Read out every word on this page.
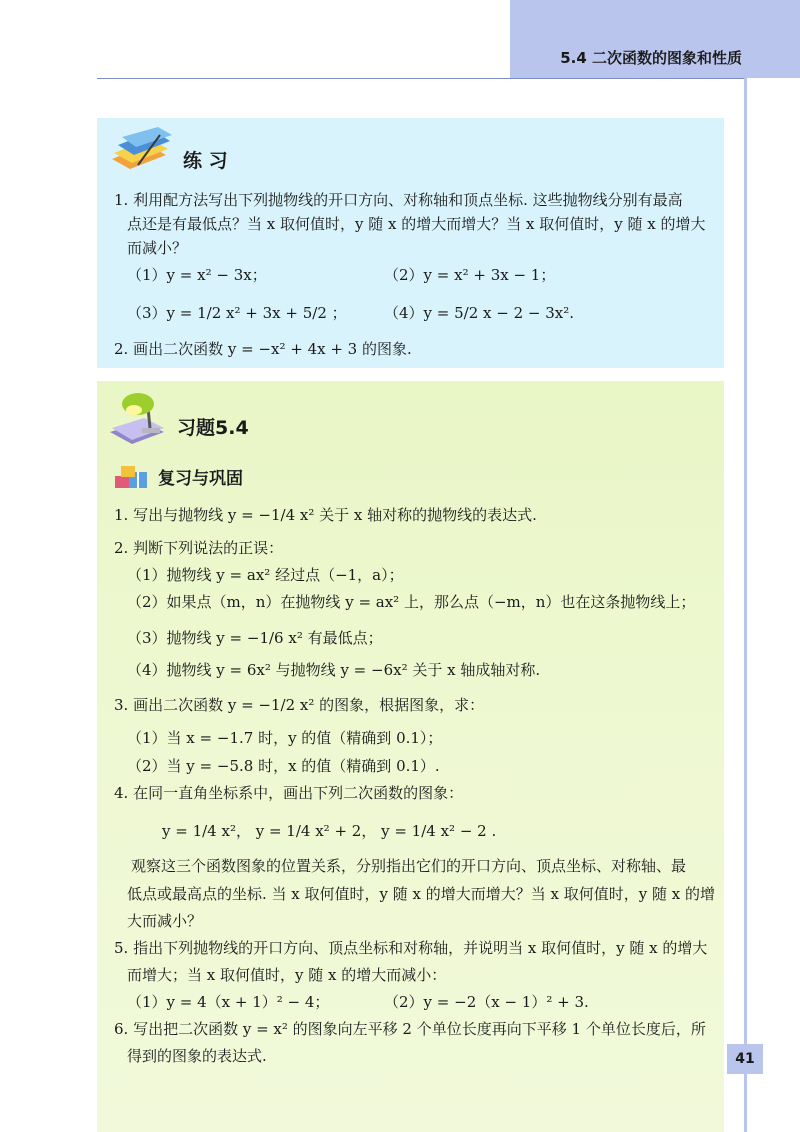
5.4 二次函数的图象和性质
练 习
1. 利用配方法写出下列抛物线的开口方向、对称轴和顶点坐标. 这些抛物线分别有最高
点还是有最低点？当 x 取何值时，y 随 x 的增大而增大？当 x 取何值时，y 随 x 的增大
而减小？
（1）y = x² − 3x；	（2）y = x² + 3x − 1；
（3）y = 1/2 x² + 3x + 5/2 ； （4）y = 5/2 x − 2 − 3x².
2. 画出二次函数 y = −x² + 4x + 3 的图象.
习题5.4
复习与巩固
1. 写出与抛物线 y = −1/4 x² 关于 x 轴对称的抛物线的表达式.
2. 判断下列说法的正误：
（1）抛物线 y = ax² 经过点（−1，a）；
（2）如果点（m，n）在抛物线 y = ax² 上，那么点（−m，n）也在这条抛物线上；
（3）抛物线 y = −1/6 x² 有最低点；
（4）抛物线 y = 6x² 与抛物线 y = −6x² 关于 x 轴成轴对称.
3. 画出二次函数 y = −1/2 x² 的图象，根据图象，求：
（1）当 x = −1.7 时，y 的值（精确到 0.1）；
（2）当 y = −5.8 时，x 的值（精确到 0.1）.
4. 在同一直角坐标系中，画出下列二次函数的图象：
y = 1/4 x²， y = 1/4 x² + 2， y = 1/4 x² − 2 .
观察这三个函数图象的位置关系，分别指出它们的开口方向、顶点坐标、对称轴、最
低点或最高点的坐标. 当 x 取何值时，y 随 x 的增大而增大？当 x 取何值时，y 随 x 的增
大而减小？
5. 指出下列抛物线的开口方向、顶点坐标和对称轴，并说明当 x 取何值时，y 随 x 的增大
而增大；当 x 取何值时，y 随 x 的增大而减小：
（1）y = 4（x + 1）² − 4；	（2）y = −2（x − 1）² + 3.
6. 写出把二次函数 y = x² 的图象向左平移 2 个单位长度再向下平移 1 个单位长度后，所
得到的图象的表达式.	41
